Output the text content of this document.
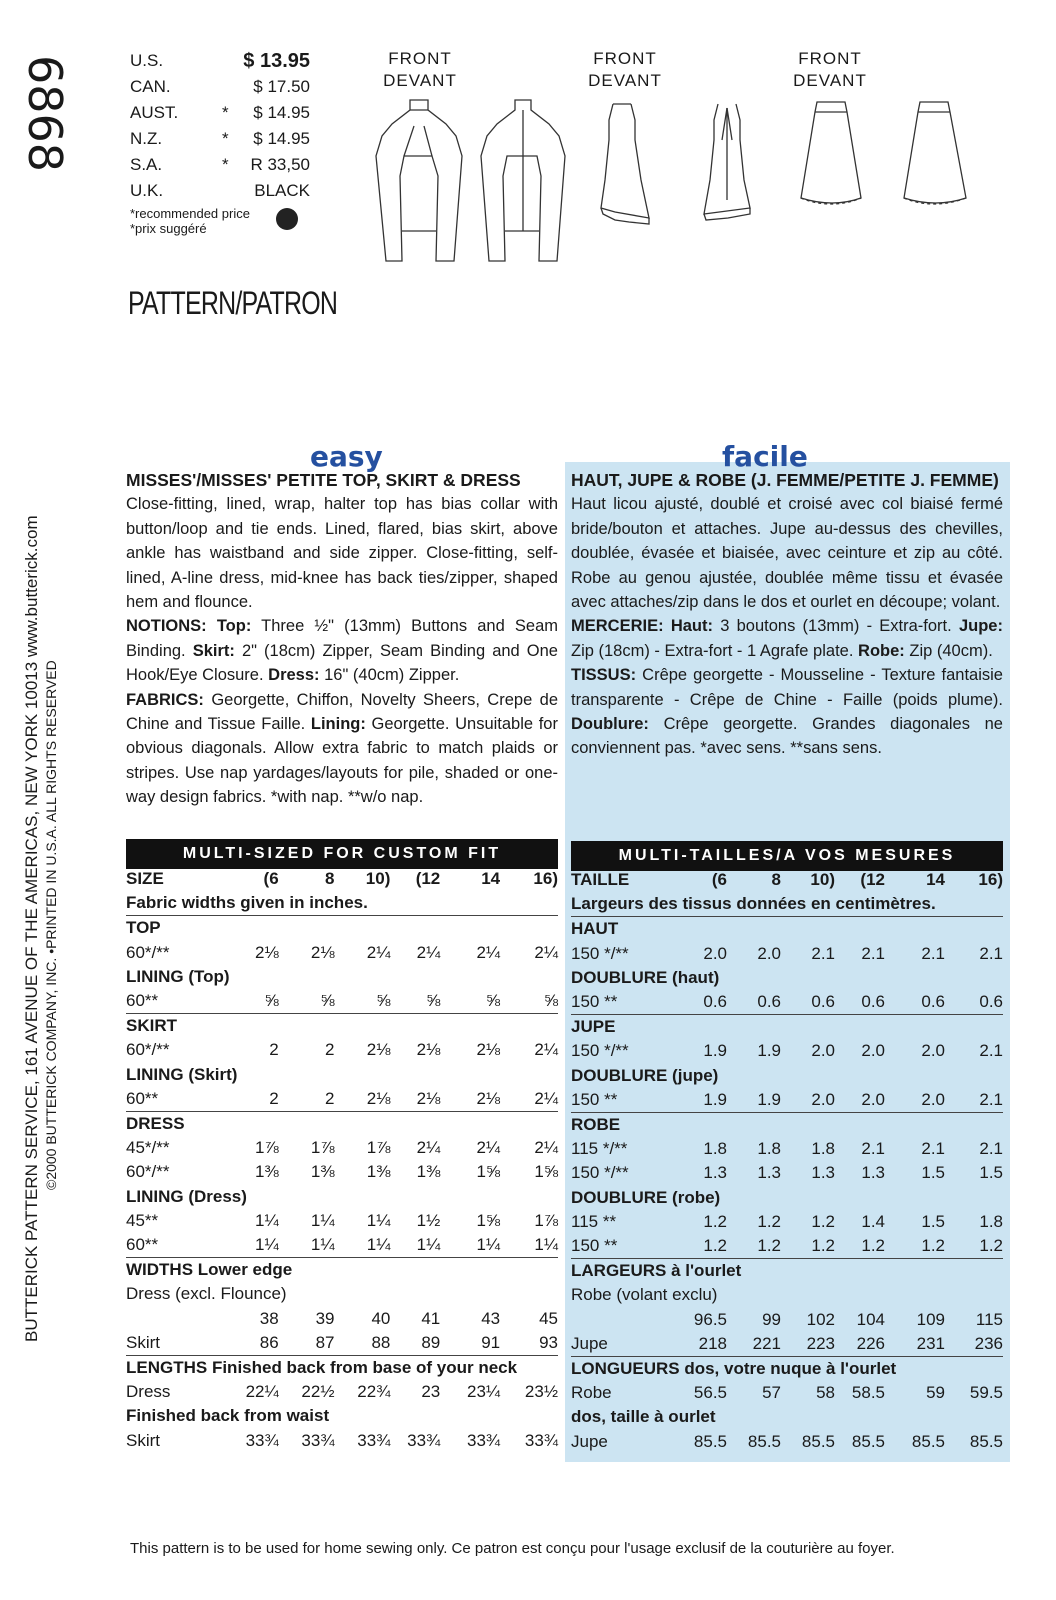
6868
BUTTERICK PATTERN SERVICE, 161 AVENUE OF THE AMERICAS, NEW YORK 10013 www.butterick.com ©2000 BUTTERICK COMPANY, INC. •PRINTED IN U.S.A. ALL RIGHTS RESERVED
U.S.	$ 13.95
CAN.	$ 17.50
AUST.	*	$ 14.95
N.Z.	*	$ 14.95
S.A.	*	R 33,50
U.K.	BLACK
*recommended price
*prix suggéré
PATTERN/PATRON
FRONT
DEVANT
FRONT
DEVANT
FRONT
DEVANT
easy	facile
MISSES'/MISSES' PETITE TOP, SKIRT & DRESS
Close-fitting, lined, wrap, halter top has bias collar with button/loop and tie ends. Lined, flared, bias skirt, above ankle has waistband and side zipper. Close-fitting, self-lined, A-line dress, mid-knee has back ties/zipper, shaped hem and flounce.
NOTIONS: Top: Three ½" (13mm) Buttons and Seam Binding. Skirt: 2" (18cm) Zipper, Seam Binding and One Hook/Eye Closure. Dress: 16" (40cm) Zipper.
FABRICS: Georgette, Chiffon, Novelty Sheers, Crepe de Chine and Tissue Faille. Lining: Georgette. Unsuitable for obvious diagonals. Allow extra fabric to match plaids or stripes. Use nap yardages/layouts for pile, shaded or one-way design fabrics. *with nap. **w/o nap.
HAUT, JUPE & ROBE (J. FEMME/PETITE J. FEMME)
Haut licou ajusté, doublé et croisé avec col biaisé fermé bride/bouton et attaches. Jupe au-dessus des chevilles, doublée, évasée et biaisée, avec ceinture et zip au côté. Robe au genou ajustée, doublée même tissu et évasée avec attaches/zip dans le dos et ourlet en découpe; volant.
MERCERIE: Haut: 3 boutons (13mm) - Extra-fort. Jupe: Zip (18cm) - Extra-fort - 1 Agrafe plate. Robe: Zip (40cm).
TISSUS: Crêpe georgette - Mousseline - Texture fantaisie transparente - Crêpe de Chine - Faille (poids plume). Doublure: Crêpe georgette. Grandes diagonales ne conviennent pas. *avec sens. **sans sens.
MULTI-SIZED FOR CUSTOM FIT	MULTI-TAILLES/A VOS MESURES
SIZE	(6	8	10)	(12	14	16)
Fabric widths given in inches.						
TOP						
60*/**	2⅛	2⅛	2¼	2¼	2¼	2¼
LINING (Top)						
60**	⅝	⅝	⅝	⅝	⅝	⅝
SKIRT						
60*/**	2	2	2⅛	2⅛	2⅛	2¼
LINING (Skirt)						
60**	2	2	2⅛	2⅛	2⅛	2¼
DRESS						
45*/**	1⅞	1⅞	1⅞	2¼	2¼	2¼
60*/**	1⅜	1⅜	1⅜	1⅜	1⅝	1⅝
LINING (Dress)						
45**	1¼	1¼	1¼	1½	1⅝	1⅞
60**	1¼	1¼	1¼	1¼	1¼	1¼
WIDTHS Lower edge						
Dress (excl. Flounce)						
	38	39	40	41	43	45
Skirt	86	87	88	89	91	93
LENGTHS Finished back from base of your neck						
Dress	22¼	22½	22¾	23	23¼	23½
Finished back from waist						
Skirt	33¾	33¾	33¾	33¾	33¾	33¾
TAILLE	(6	8	10)	(12	14	16)
Largeurs des tissus données en centimètres.						
HAUT						
150 */**	2.0	2.0	2.1	2.1	2.1	2.1
DOUBLURE (haut)						
150 **	0.6	0.6	0.6	0.6	0.6	0.6
JUPE						
150 */**	1.9	1.9	2.0	2.0	2.0	2.1
DOUBLURE (jupe)						
150 **	1.9	1.9	2.0	2.0	2.0	2.1
ROBE						
115 */**	1.8	1.8	1.8	2.1	2.1	2.1
150 */**	1.3	1.3	1.3	1.3	1.5	1.5
DOUBLURE (robe)						
115 **	1.2	1.2	1.2	1.4	1.5	1.8
150 **	1.2	1.2	1.2	1.2	1.2	1.2
LARGEURS à l'ourlet						
Robe (volant exclu)						
	96.5	99	102	104	109	115
Jupe	218	221	223	226	231	236
LONGUEURS dos, votre nuque à l'ourlet						
Robe	56.5	57	58	58.5	59	59.5
dos, taille à ourlet						
Jupe	85.5	85.5	85.5	85.5	85.5	85.5
This pattern is to be used for home sewing only. Ce patron est conçu pour l'usage exclusif de la couturière au foyer.
